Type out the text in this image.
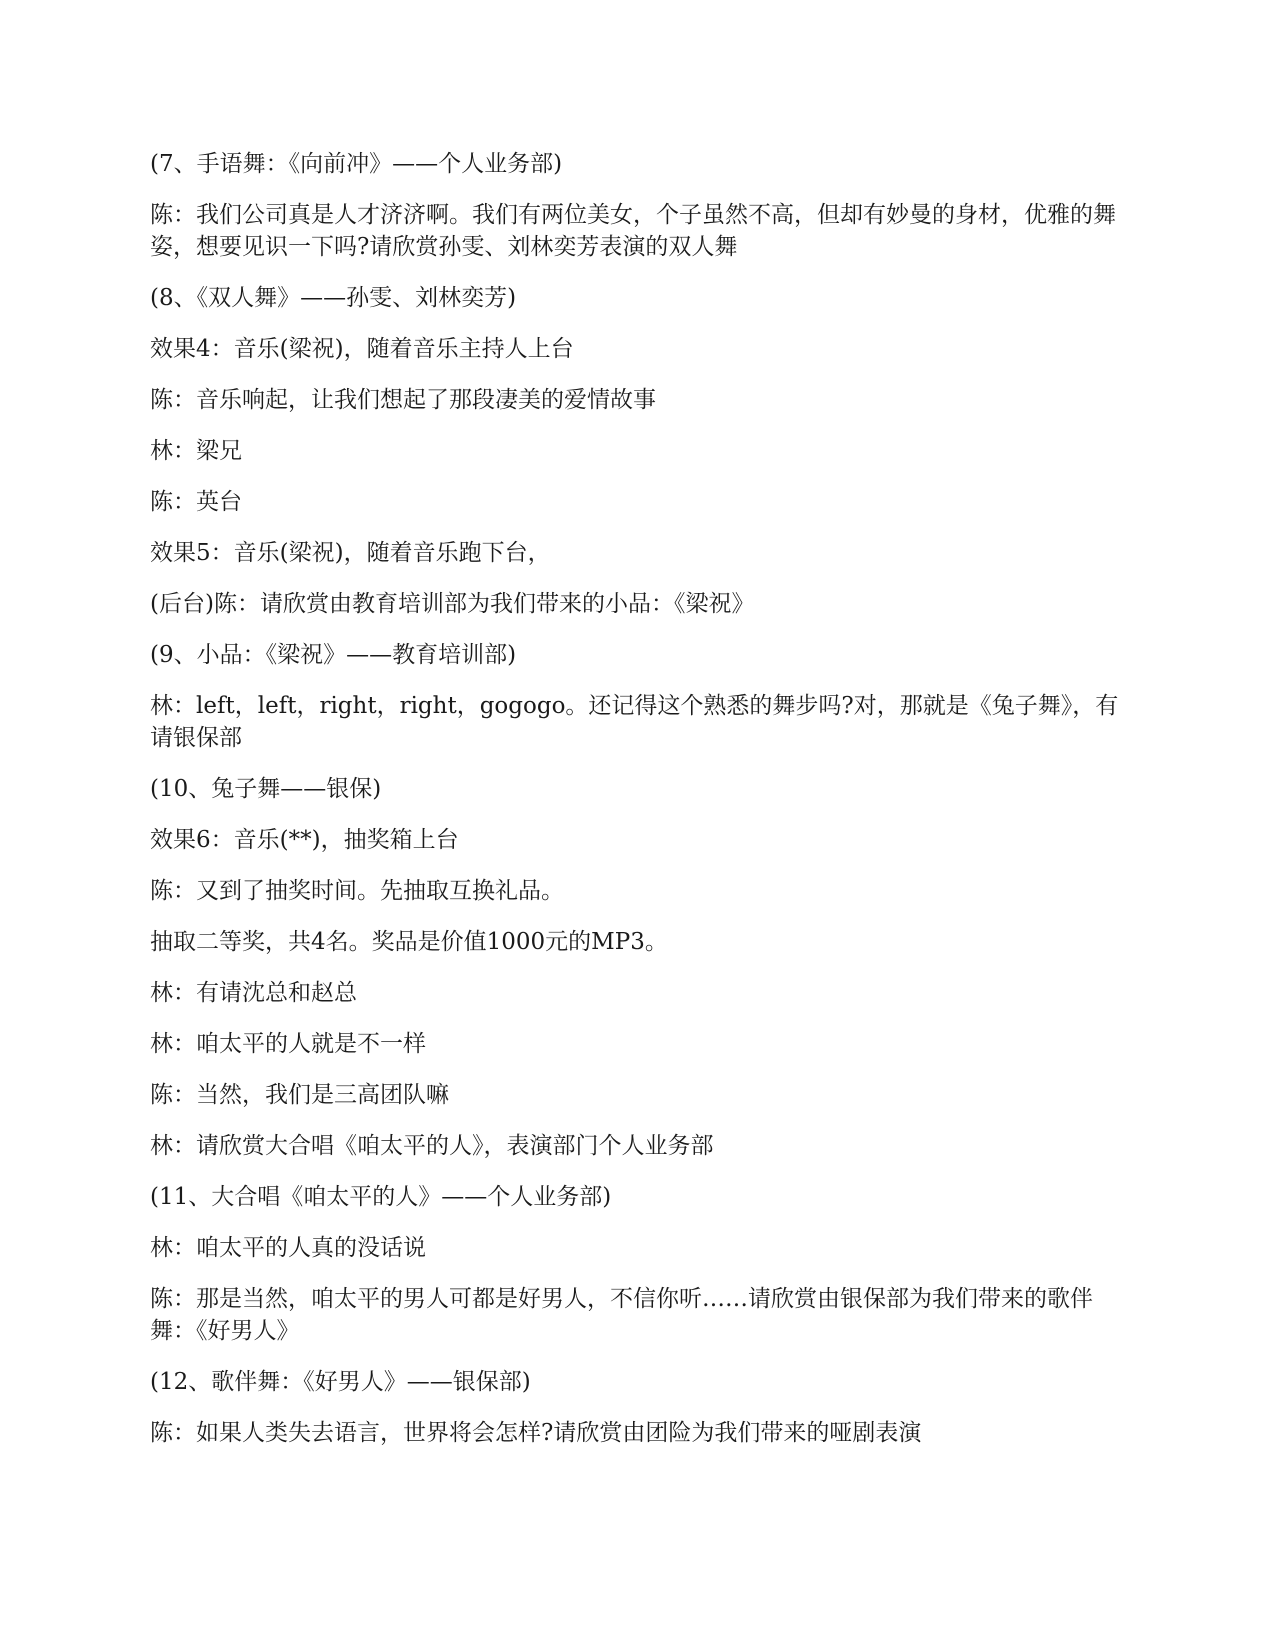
(7、手语舞：《向前冲》——个人业务部)

陈：我们公司真是人才济济啊。我们有两位美女，个子虽然不高，但却有妙曼的身材，优雅的舞姿，想要见识一下吗?请欣赏孙雯、刘林奕芳表演的双人舞

(8、《双人舞》——孙雯、刘林奕芳)

效果4：音乐(梁祝)，随着音乐主持人上台

陈：音乐响起，让我们想起了那段凄美的爱情故事

林：梁兄

陈：英台

效果5：音乐(梁祝)，随着音乐跑下台，

(后台)陈：请欣赏由教育培训部为我们带来的小品：《梁祝》

(9、小品：《梁祝》——教育培训部)

林：left，left，right，right，gogogo。还记得这个熟悉的舞步吗?对，那就是《兔子舞》，有请银保部

(10、兔子舞——银保)

效果6：音乐(**)，抽奖箱上台

陈：又到了抽奖时间。先抽取互换礼品。

抽取二等奖，共4名。奖品是价值1000元的MP3。

林：有请沈总和赵总

林：咱太平的人就是不一样

陈：当然，我们是三高团队嘛

林：请欣赏大合唱《咱太平的人》，表演部门个人业务部

(11、大合唱《咱太平的人》——个人业务部)

林：咱太平的人真的没话说

陈：那是当然，咱太平的男人可都是好男人，不信你听……请欣赏由银保部为我们带来的歌伴舞：《好男人》

(12、歌伴舞：《好男人》——银保部)

陈：如果人类失去语言，世界将会怎样?请欣赏由团险为我们带来的哑剧表演
